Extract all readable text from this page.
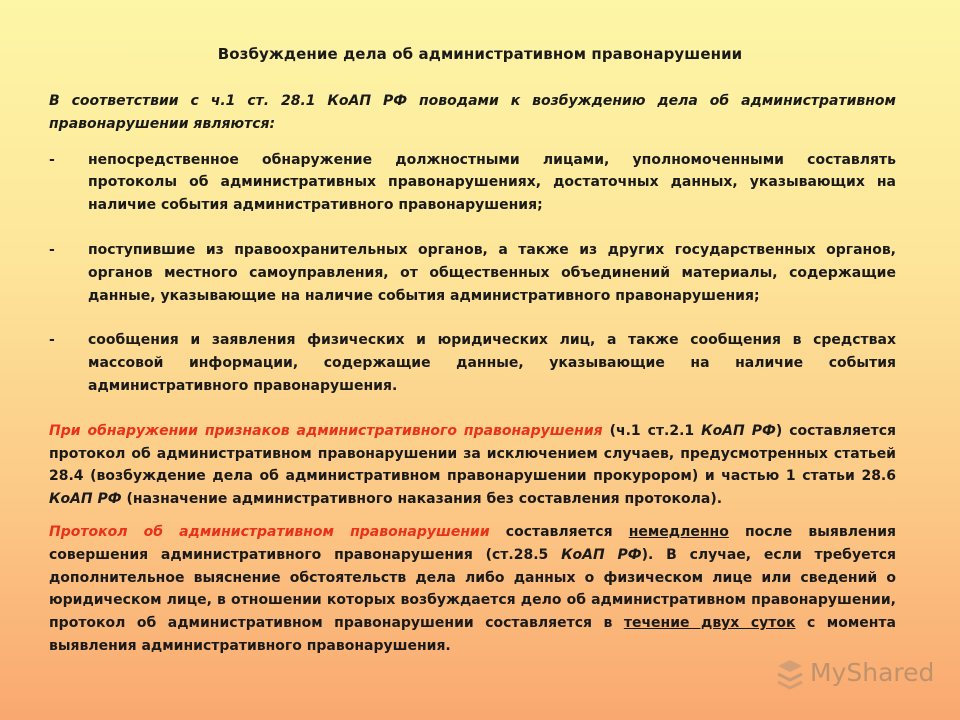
Возбуждение дела об административном правонарушении

В соответствии с ч.1 ст. 28.1 КоАП РФ поводами к возбуждению дела об административном правонарушении являются:

- непосредственное обнаружение должностными лицами, уполномоченными составлять протоколы об административных правонарушениях, достаточных данных, указывающих на наличие события административного правонарушения;
- поступившие из правоохранительных органов, а также из других государственных органов, органов местного самоуправления, от общественных объединений материалы, содержащие данные, указывающие на наличие события административного правонарушения;
- сообщения и заявления физических и юридических лиц, а также сообщения в средствах массовой информации, содержащие данные, указывающие на наличие события административного правонарушения.

При обнаружении признаков административного правонарушения (ч.1 ст.2.1 КоАП РФ) составляется протокол об административном правонарушении за исключением случаев, предусмотренных статьей 28.4 (возбуждение дела об административном правонарушении прокурором) и частью 1 статьи 28.6 КоАП РФ (назначение административного наказания без составления протокола).

Протокол об административном правонарушении составляется немедленно после выявления совершения административного правонарушения (ст.28.5 КоАП РФ). В случае, если требуется дополнительное выяснение обстоятельств дела либо данных о физическом лице или сведений о юридическом лице, в отношении которых возбуждается дело об административном правонарушении, протокол об административном правонарушении составляется в течение двух суток с момента выявления административного правонарушения.

MyShared
